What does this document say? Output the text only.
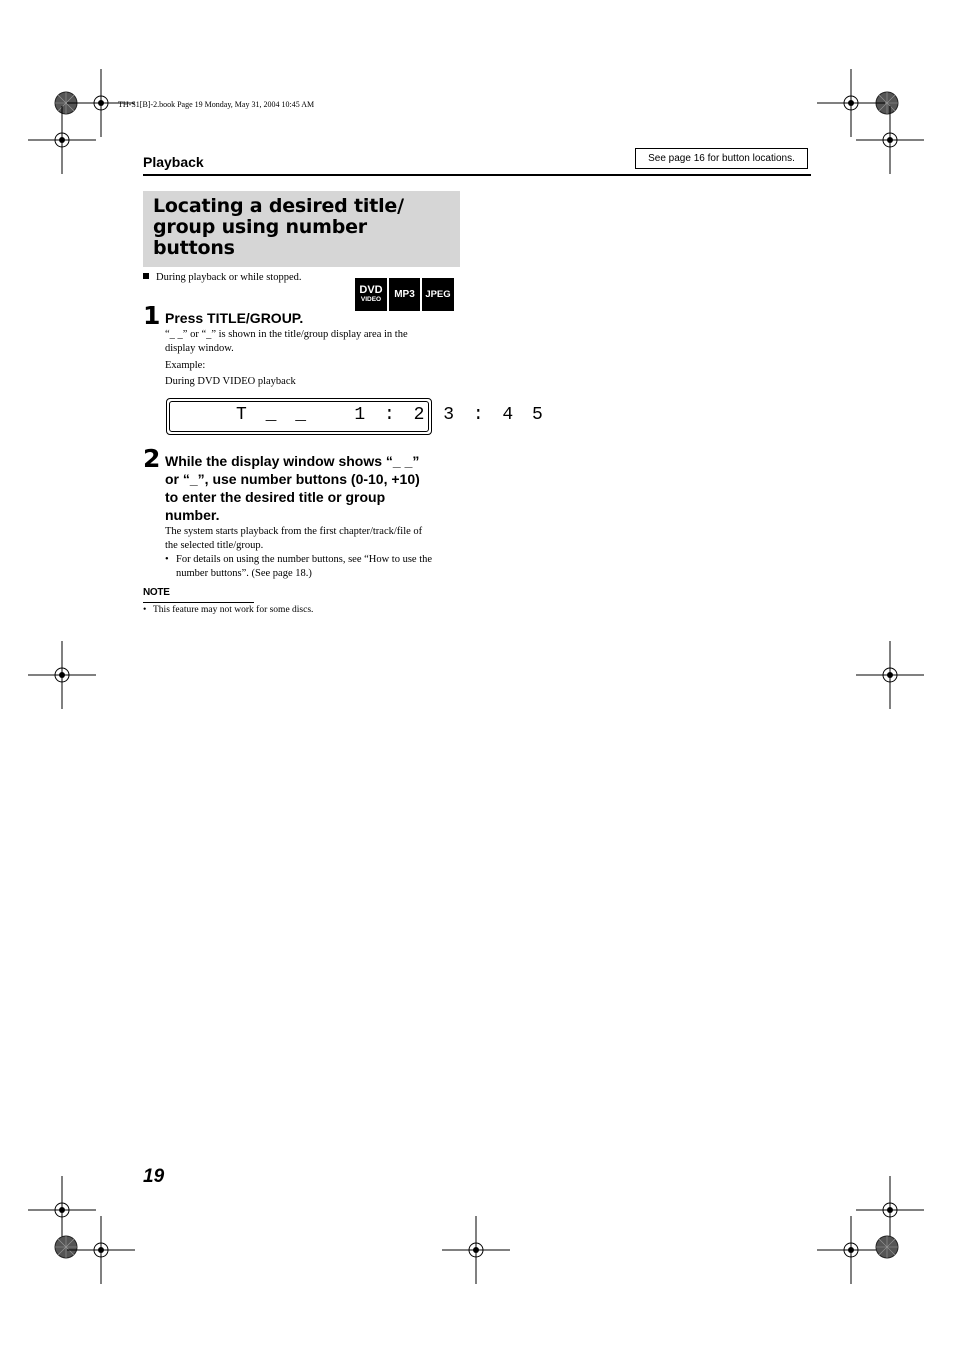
TH-S1[B]-2.book Page 19 Monday, May 31, 2004 10:45 AM
Playback	See page 16 for button locations.
Locating a desired title/
group using number
buttons
During playback or while stopped.
DVD
VIDEO	MP3	JPEG
1 Press TITLE/GROUP.
“_ _” or “_” is shown in the title/group display area in the
display window.
Example:
During DVD VIDEO playback
T _ _   1 : 2 3 : 4 5
2 While the display window shows “_ _”
or “_”, use number buttons (0-10, +10)
to enter the desired title or group
number.
The system starts playback from the first chapter/track/file of
the selected title/group.
• For details on using the number buttons, see “How to use the
number buttons”. (See page 18.)
NOTE
• This feature may not work for some discs.
19
